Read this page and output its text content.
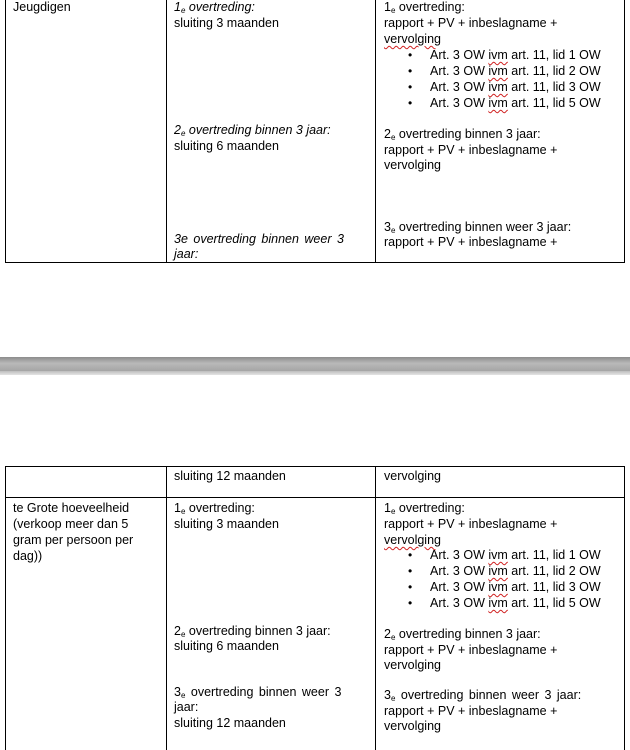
Jeugdigen	$1_e$ overtreding:
sluiting 3 maanden
$2_e$ overtreding binnen 3 jaar:
sluiting 6 maanden
3e overtreding binnen weer 3
jaar:
$1_e$ overtreding:
rapport + PV + inbeslagname +
vervolging
• Art. 3 OW ivm art. 11, lid 1 OW
• Art. 3 OW ivm art. 11, lid 2 OW
• Art. 3 OW ivm art. 11, lid 3 OW
• Art. 3 OW ivm art. 11, lid 5 OW
$2_e$ overtreding binnen 3 jaar:
rapport + PV + inbeslagname +
vervolging
$3_e$ overtreding binnen weer 3 jaar:
rapport + PV + inbeslagname +
sluiting 12 maanden	vervolging
te Grote hoeveelheid
(verkoop meer dan 5
gram per persoon per
dag))
$1_e$ overtreding:
sluiting 3 maanden
$2_e$ overtreding binnen 3 jaar:
sluiting 6 maanden
$3_e$ overtreding binnen weer 3
jaar:
sluiting 12 maanden
$1_e$ overtreding:
rapport + PV + inbeslagname +
vervolging
• Art. 3 OW ivm art. 11, lid 1 OW
• Art. 3 OW ivm art. 11, lid 2 OW
• Art. 3 OW ivm art. 11, lid 3 OW
• Art. 3 OW ivm art. 11, lid 5 OW
$2_e$ overtreding binnen 3 jaar:
rapport + PV + inbeslagname +
vervolging
$3_e$ overtreding binnen weer 3 jaar:
rapport + PV + inbeslagname +
vervolging
